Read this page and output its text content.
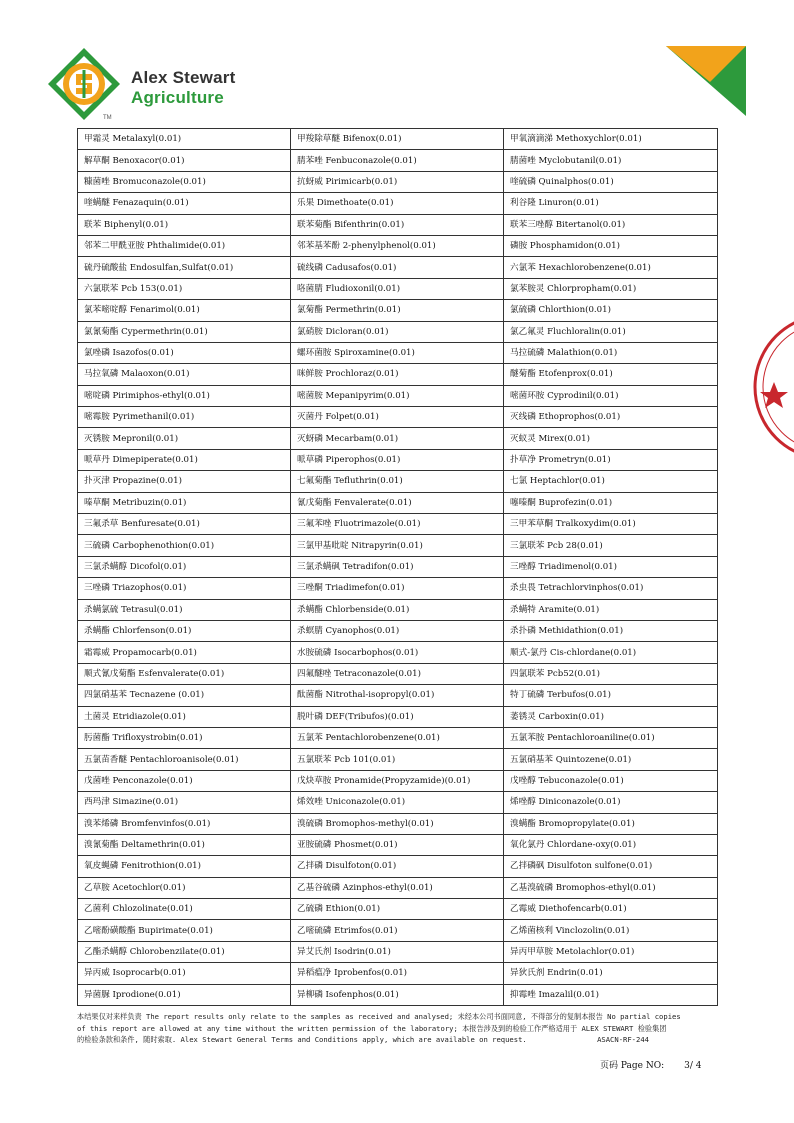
Alex Stewart
Agriculture
TM
甲霜灵 Metalaxyl(0.01)	甲羧除草醚 Bifenox(0.01)	甲氧滴滴涕 Methoxychlor(0.01)
解草酮 Benoxacor(0.01)	腈苯唑 Fenbuconazole(0.01)	腈菌唑 Myclobutanil(0.01)
糠菌唑 Bromuconazole(0.01)	抗蚜威 Pirimicarb(0.01)	喹硫磷 Quinalphos(0.01)
喹螨醚 Fenazaquin(0.01)	乐果 Dimethoate(0.01)	利谷隆 Linuron(0.01)
联苯 Biphenyl(0.01)	联苯菊酯 Bifenthrin(0.01)	联苯三唑醇 Bitertanol(0.01)
邻苯二甲酰亚胺 Phthalimide(0.01)	邻苯基苯酚 2-phenylphenol(0.01)	磷胺 Phosphamidon(0.01)
硫丹硫酸盐 Endosulfan,Sulfat(0.01)	硫线磷 Cadusafos(0.01)	六氯苯 Hexachlorobenzene(0.01)
六氯联苯 Pcb 153(0.01)	咯菌腈 Fludioxonil(0.01)	氯苯胺灵 Chlorpropham(0.01)
氯苯嘧啶醇 Fenarimol(0.01)	氯菊酯 Permethrin(0.01)	氯硫磷 Chlorthion(0.01)
氯氰菊酯 Cypermethrin(0.01)	氯硝胺 Dicloran(0.01)	氯乙氟灵 Fluchloralin(0.01)
氯唑磷 Isazofos(0.01)	螺环菌胺 Spiroxamine(0.01)	马拉硫磷 Malathion(0.01)
马拉氧磷 Malaoxon(0.01)	咪鲜胺 Prochloraz(0.01)	醚菊酯 Etofenprox(0.01)
嘧啶磷 Pirimiphos-ethyl(0.01)	嘧菌胺 Mepanipyrim(0.01)	嘧菌环胺 Cyprodinil(0.01)
嘧霉胺 Pyrimethanil(0.01)	灭菌丹 Folpet(0.01)	灭线磷 Ethoprophos(0.01)
灭锈胺 Mepronil(0.01)	灭蚜磷 Mecarbam(0.01)	灭蚁灵 Mirex(0.01)
哌草丹 Dimepiperate(0.01)	哌草磷 Piperophos(0.01)	扑草净 Prometryn(0.01)
扑灭津 Propazine(0.01)	七氟菊酯 Tefluthrin(0.01)	七氯 Heptachlor(0.01)
嗪草酮 Metribuzin(0.01)	氰戊菊酯 Fenvalerate(0.01)	噻嗪酮 Buprofezin(0.01)
三氟杀草 Benfuresate(0.01)	三氟苯唑 Fluotrimazole(0.01)	三甲苯草酮 Tralkoxydim(0.01)
三硫磷 Carbophenothion(0.01)	三氯甲基吡啶 Nitrapyrin(0.01)	三氯联苯 Pcb 28(0.01)
三氯杀螨醇 Dicofol(0.01)	三氯杀螨砜 Tetradifon(0.01)	三唑醇 Triadimenol(0.01)
三唑磷 Triazophos(0.01)	三唑酮 Triadimefon(0.01)	杀虫畏 Tetrachlorvinphos(0.01)
杀螨氯硫 Tetrasul(0.01)	杀螨酯 Chlorbenside(0.01)	杀螨特 Aramite(0.01)
杀螨酯 Chlorfenson(0.01)	杀螟腈 Cyanophos(0.01)	杀扑磷 Methidathion(0.01)
霜霉威 Propamocarb(0.01)	水胺硫磷 Isocarbophos(0.01)	顺式-氯丹 Cis-chlordane(0.01)
顺式氰戊菊酯 Esfenvalerate(0.01)	四氟醚唑 Tetraconazole(0.01)	四氯联苯 Pcb52(0.01)
四氯硝基苯 Tecnazene (0.01)	酞菌酯 Nitrothal-isopropyl(0.01)	特丁硫磷 Terbufos(0.01)
土菌灵 Etridiazole(0.01)	脱叶磷 DEF(Tribufos)(0.01)	萎锈灵 Carboxin(0.01)
肟菌酯 Trifloxystrobin(0.01)	五氯苯 Pentachlorobenzene(0.01)	五氯苯胺 Pentachloroaniline(0.01)
五氯苗香醚 Pentachloroanisole(0.01)	五氯联苯 Pcb 101(0.01)	五氯硝基苯 Quintozene(0.01)
戊菌唑 Penconazole(0.01)	戊炔草胺 Pronamide(Propyzamide)(0.01)	戊唑醇 Tebuconazole(0.01)
西玛津 Simazine(0.01)	烯效唑 Uniconazole(0.01)	烯唑醇 Diniconazole(0.01)
溴苯烯磷 Bromfenvinfos(0.01)	溴硫磷 Bromophos-methyl(0.01)	溴螨酯 Bromopropylate(0.01)
溴氰菊酯 Deltamethrin(0.01)	亚胺硫磷 Phosmet(0.01)	氧化氯丹 Chlordane-oxy(0.01)
氧皮蝇磷 Fenitrothion(0.01)	乙拌磷 Disulfoton(0.01)	乙拌磷砜 Disulfoton sulfone(0.01)
乙草胺 Acetochlor(0.01)	乙基谷硫磷 Azinphos-ethyl(0.01)	乙基溴硫磷 Bromophos-ethyl(0.01)
乙菌利 Chlozolinate(0.01)	乙硫磷 Ethion(0.01)	乙霉威 Diethofencarb(0.01)
乙嘧酚磺酸酯 Bupirimate(0.01)	乙嘧硫磷 Etrimfos(0.01)	乙烯菌核利 Vinclozolin(0.01)
乙酯杀螨醇 Chlorobenzilate(0.01)	异艾氏剂 Isodrin(0.01)	异丙甲草胺 Metolachlor(0.01)
异丙威 Isoprocarb(0.01)	异稻瘟净 Iprobenfos(0.01)	异狄氏剂 Endrin(0.01)
异菌脲 Iprodione(0.01)	异柳磷 Isofenphos(0.01)	抑霉唑 Imazalil(0.01)
本结果仅对来样负责 The report results only relate to the samples as received and analysed; 未经本公司书面同意, 不得部分的复制本报告 No partial copies
of this report are allowed at any time without the written permission of the laboratory; 本报告涉及到的检验工作严格适用于 ALEX STEWART 检验集团
的检验条款和条件, 随时索取. Alex Stewart General Terms and Conditions apply, which are available on request.	ASACN-RF-244
页码 Page NO: 3/ 4
